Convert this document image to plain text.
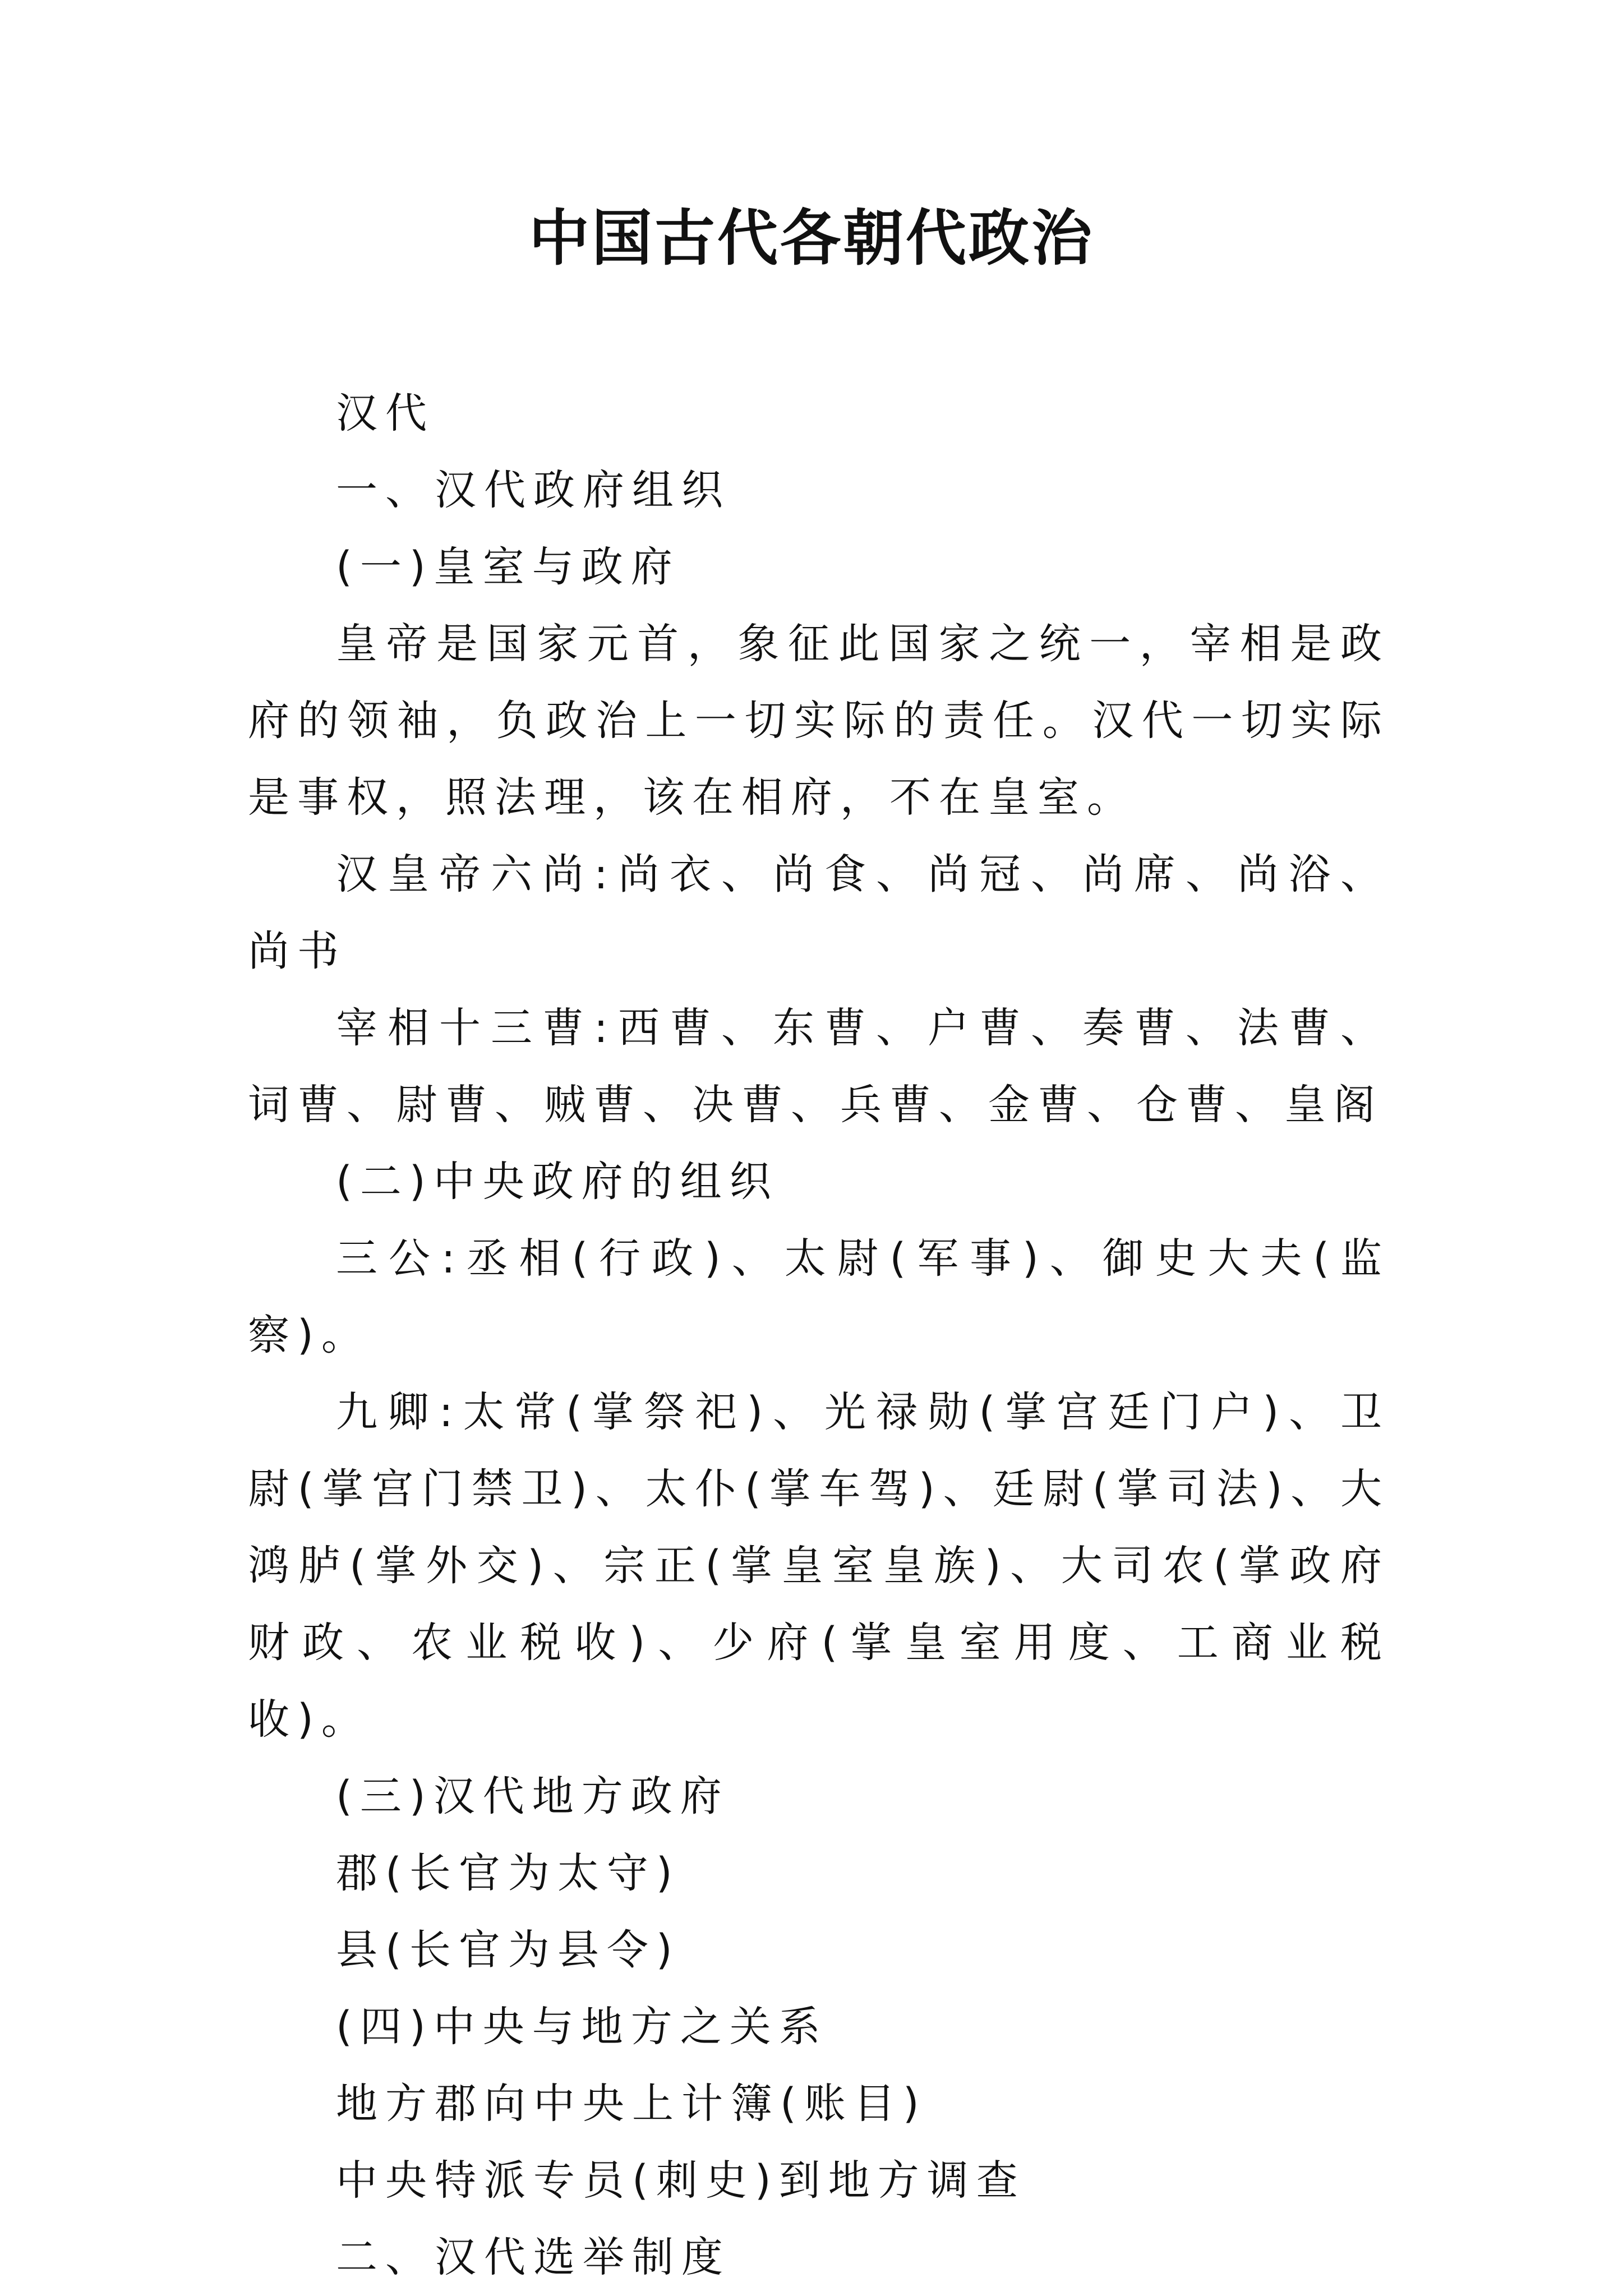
中国古代各朝代政治

汉代

一、汉代政府组织

(一)皇室与政府

皇帝是国家元首，象征此国家之统一，宰相是政府的领袖，负政治上一切实际的责任。汉代一切实际是事权，照法理，该在相府，不在皇室。

汉皇帝六尚:尚衣、尚食、尚冠、尚席、尚浴、尚书

宰相十三曹:西曹、东曹、户曹、奏曹、法曹、词曹、尉曹、贼曹、决曹、兵曹、金曹、仓曹、皇阁

(二)中央政府的组织

三公:丞相(行政)、太尉(军事)、御史大夫(监察)。

九卿:太常(掌祭祀)、光禄勋(掌宫廷门户)、卫尉(掌宫门禁卫)、太仆(掌车驾)、廷尉(掌司法)、大鸿胪(掌外交)、宗正(掌皇室皇族)、大司农(掌政府财政、农业税收)、少府(掌皇室用度、工商业税收)。

(三)汉代地方政府

郡(长官为太守)

县(长官为县令)

(四)中央与地方之关系

地方郡向中央上计簿(账目)

中央特派专员(刺史)到地方调查

二、汉代选举制度
